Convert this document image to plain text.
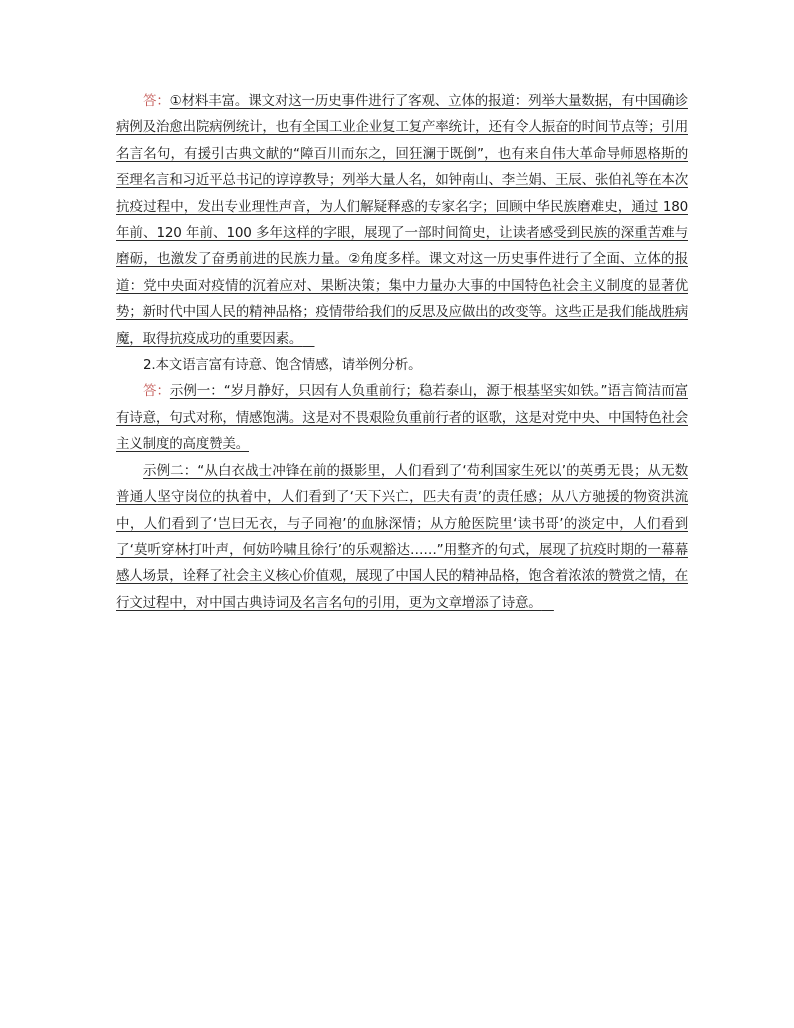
答：①材料丰富。课文对这一历史事件进行了客观、立体的报道：列举大量数据，有中国确诊病例及治愈出院病例统计，也有全国工业企业复工复产率统计，还有令人振奋的时间节点等；引用名言名句，有援引古典文献的“障百川而东之，回狂澜于既倒”，也有来自伟大革命导师恩格斯的至理名言和习近平总书记的谆谆教导；列举大量人名，如钟南山、李兰娟、王辰、张伯礼等在本次抗疫过程中，发出专业理性声音，为人们解疑释惑的专家名字；回顾中华民族磨难史，通过 180 年前、120 年前、100 多年这样的字眼，展现了一部时间简史，让读者感受到民族的深重苦难与磨砺，也激发了奋勇前进的民族力量。②角度多样。课文对这一历史事件进行了全面、立体的报道：党中央面对疫情的沉着应对、果断决策；集中力量办大事的中国特色社会主义制度的显著优势；新时代中国人民的精神品格；疫情带给我们的反思及应做出的改变等。这些正是我们能战胜病魔，取得抗疫成功的重要因素。

2.本文语言富有诗意、饱含情感，请举例分析。

答：示例一：“岁月静好，只因有人负重前行；稳若泰山，源于根基坚实如铁。”语言简洁而富有诗意，句式对称，情感饱满。这是对不畏艰险负重前行者的讴歌，这是对党中央、中国特色社会主义制度的高度赞美。

示例二：“从白衣战士冲锋在前的摄影里，人们看到了‘苟利国家生死以’的英勇无畏；从无数普通人坚守岗位的执着中，人们看到了‘天下兴亡，匹夫有责’的责任感；从八方驰援的物资洪流中，人们看到了‘岂曰无衣，与子同袍’的血脉深情；从方舱医院里‘读书哥’的淡定中，人们看到了‘莫听穿林打叶声，何妨吟啸且徐行’的乐观豁达……”用整齐的句式，展现了抗疫时期的一幕幕感人场景，诠释了社会主义核心价值观，展现了中国人民的精神品格，饱含着浓浓的赞赏之情，在行文过程中，对中国古典诗词及名言名句的引用，更为文章增添了诗意。
